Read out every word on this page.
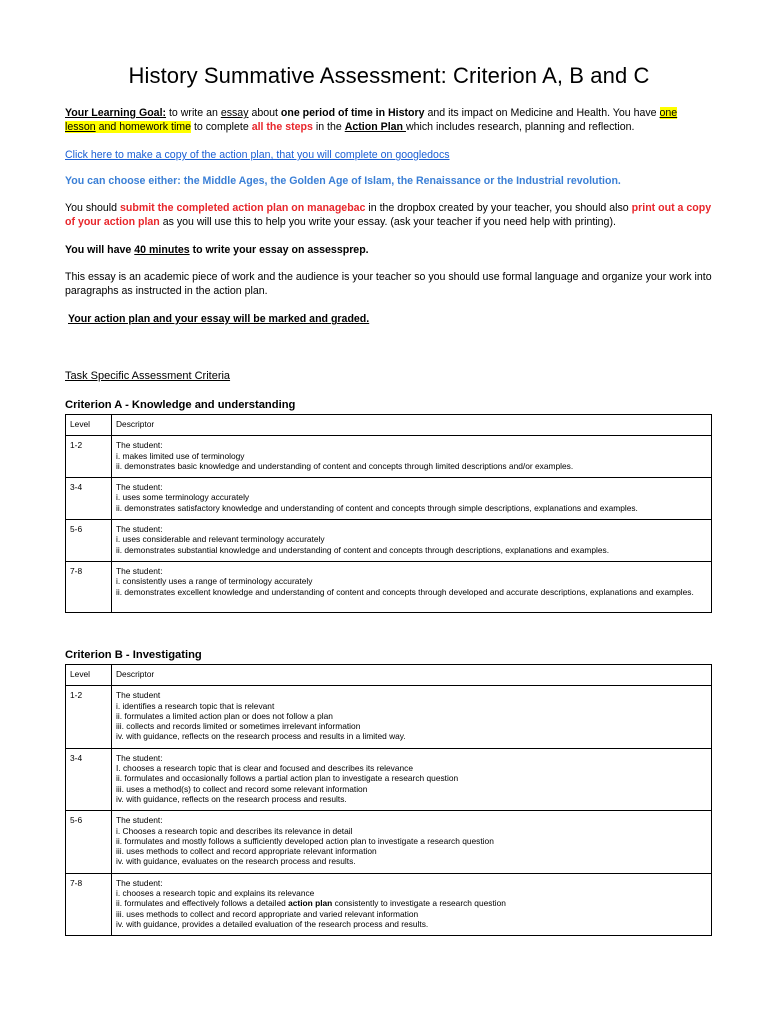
History Summative Assessment: Criterion A, B and C
Your Learning Goal: to write an essay about one period of time in History and its impact on Medicine and Health. You have one
lesson and homework time to complete all the steps in the Action Plan which includes research, planning and reflection.
Click here to make a copy of the action plan, that you will complete on googledocs
You can choose either: the Middle Ages, the Golden Age of Islam, the Renaissance or the Industrial revolution.
You should submit the completed action plan on managebac in the dropbox created by your teacher, you should also print out a copy of your action plan as you will use this to help you write your essay. (ask your teacher if you need help with printing).
You will have 40 minutes to write your essay on assessprep.
This essay is an academic piece of work and the audience is your teacher so you should use formal language and organize your work into paragraphs as instructed in the action plan.
Your action plan and your essay will be marked and graded.
Task Specific Assessment Criteria
Criterion A - Knowledge and understanding
Level	Descriptor
1-2	The student:
i. makes limited use of terminology
ii. demonstrates basic knowledge and understanding of content and concepts through limited descriptions and/or examples.

3-4	The student:
i. uses some terminology accurately
ii. demonstrates satisfactory knowledge and understanding of content and concepts through simple descriptions, explanations and examples.

5-6	The student:
i. uses considerable and relevant terminology accurately
ii. demonstrates substantial knowledge and understanding of content and concepts through descriptions, explanations and examples.

7-8	The student:
i. consistently uses a range of terminology accurately
ii. demonstrates excellent knowledge and understanding of content and concepts through developed and accurate descriptions, explanations and examples.
Criterion B - Investigating
Level	Descriptor
1-2	The student
i. identifies a research topic that is relevant
ii. formulates a limited action plan or does not follow a plan
iii. collects and records limited or sometimes irrelevant information
iv. with guidance, reflects on the research process and results in a limited way.

3-4	The student:
I. chooses a research topic that is clear and focused and describes its relevance
ii. formulates and occasionally follows a partial action plan to investigate a research question
iii. uses a method(s) to collect and record some relevant information
iv. with guidance, reflects on the research process and results.

5-6	The student:
i. Chooses a research topic and describes its relevance in detail
ii. formulates and mostly follows a sufficiently developed action plan to investigate a research question
iii. uses methods to collect and record appropriate relevant information
iv. with guidance, evaluates on the research process and results.

7-8	The student:
i. chooses a research topic and explains its relevance
ii. formulates and effectively follows a detailed action plan consistently to investigate a research question
iii. uses methods to collect and record appropriate and varied relevant information
iv. with guidance, provides a detailed evaluation of the research process and results.
